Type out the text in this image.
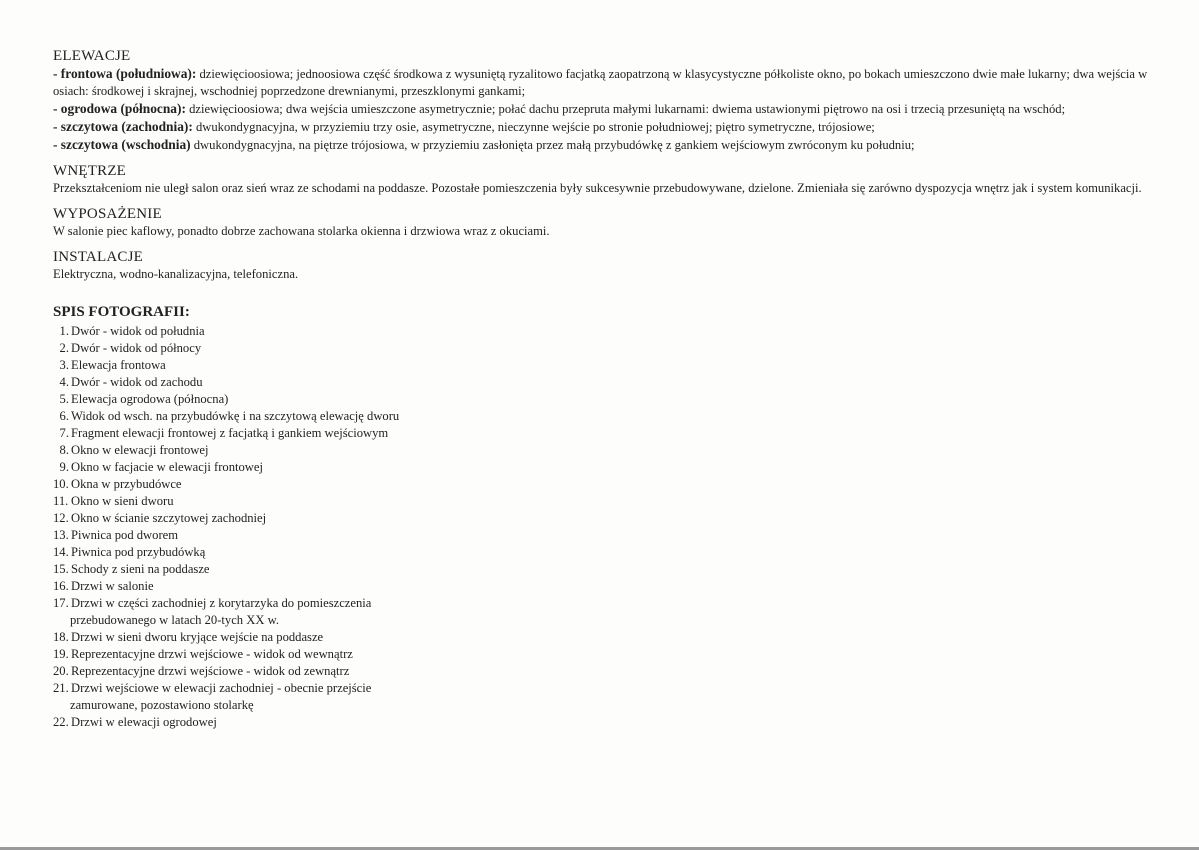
ELEWACJE

- frontowa (południowa): dziewięcioosiowa; jednoosiowa część środkowa z wysuniętą ryzalitowo facjatką zaopatrzoną w klasycystyczne półkoliste okno, po bokach umieszczono dwie małe lukarny; dwa wejścia w osiach: środkowej i skrajnej, wschodniej poprzedzone drewnianymi, przeszklonymi gankami;

- ogrodowa (północna): dziewięcioosiowa; dwa wejścia umieszczone asymetrycznie; połać dachu przeprutа małymi lukarnami: dwiema ustawionymi piętrowo na osi i trzecią przesuniętą na wschód;

- szczytowa (zachodnia): dwukondygnacyjna, w przyziemiu trzy osie, asymetryczne, nieczynne wejście po stronie południowej; piętro symetryczne, trójosiowe;

- szczytowa (wschodnia) dwukondygnacyjna, na piętrze trójosiowa, w przyziemiu zasłonięta przez małą przybudówkę z gankiem wejściowym zwróconym ku południu;

WNĘTRZE

Przekształceniom nie uległ salon oraz sień wraz ze schodami na poddasze. Pozostałe pomieszczenia były sukcesywnie przebudowywane, dzielone. Zmieniała się zarówno dyspozycja wnętrz jak i system komunikacji.

WYPOSAŻENIE

W salonie piec kaflowy, ponadto dobrze zachowana stolarka okienna i drzwiowa wraz z okuciami.

INSTALACJE

Elektryczna, wodno-kanalizacyjna, telefoniczna.

SPIS FOTOGRAFII:
1. Dwór - widok od południa
2. Dwór - widok od północy
3. Elewacja frontowa
4. Dwór - widok od zachodu
5. Elewacja ogrodowa (północna)
6. Widok od wsch. na przybudówkę i na szczytową elewację dworu
7. Fragment elewacji frontowej z facjatką i gankiem wejściowym
8. Okno w elewacji frontowej
9. Okno w facjacie w elewacji frontowej
10. Okna w przybudówce
11. Okno w sieni dworu
12. Okno w ścianie szczytowej zachodniej
13. Piwnica pod dworem
14. Piwnica pod przybudówką
15. Schody z sieni na poddasze
16. Drzwi w salonie
17. Drzwi w części zachodniej z korytarzyka do pomieszczenia
przebudowanego w latach 20-tych XX w.
18. Drzwi w sieni dworu kryjące wejście na poddasze
19. Reprezentacyjne drzwi wejściowe - widok od wewnątrz
20. Reprezentacyjne drzwi wejściowe - widok od zewnątrz
21. Drzwi wejściowe w elewacji zachodniej - obecnie przejście
zamurowane, pozostawiono stolarkę
22. Drzwi w elewacji ogrodowej
